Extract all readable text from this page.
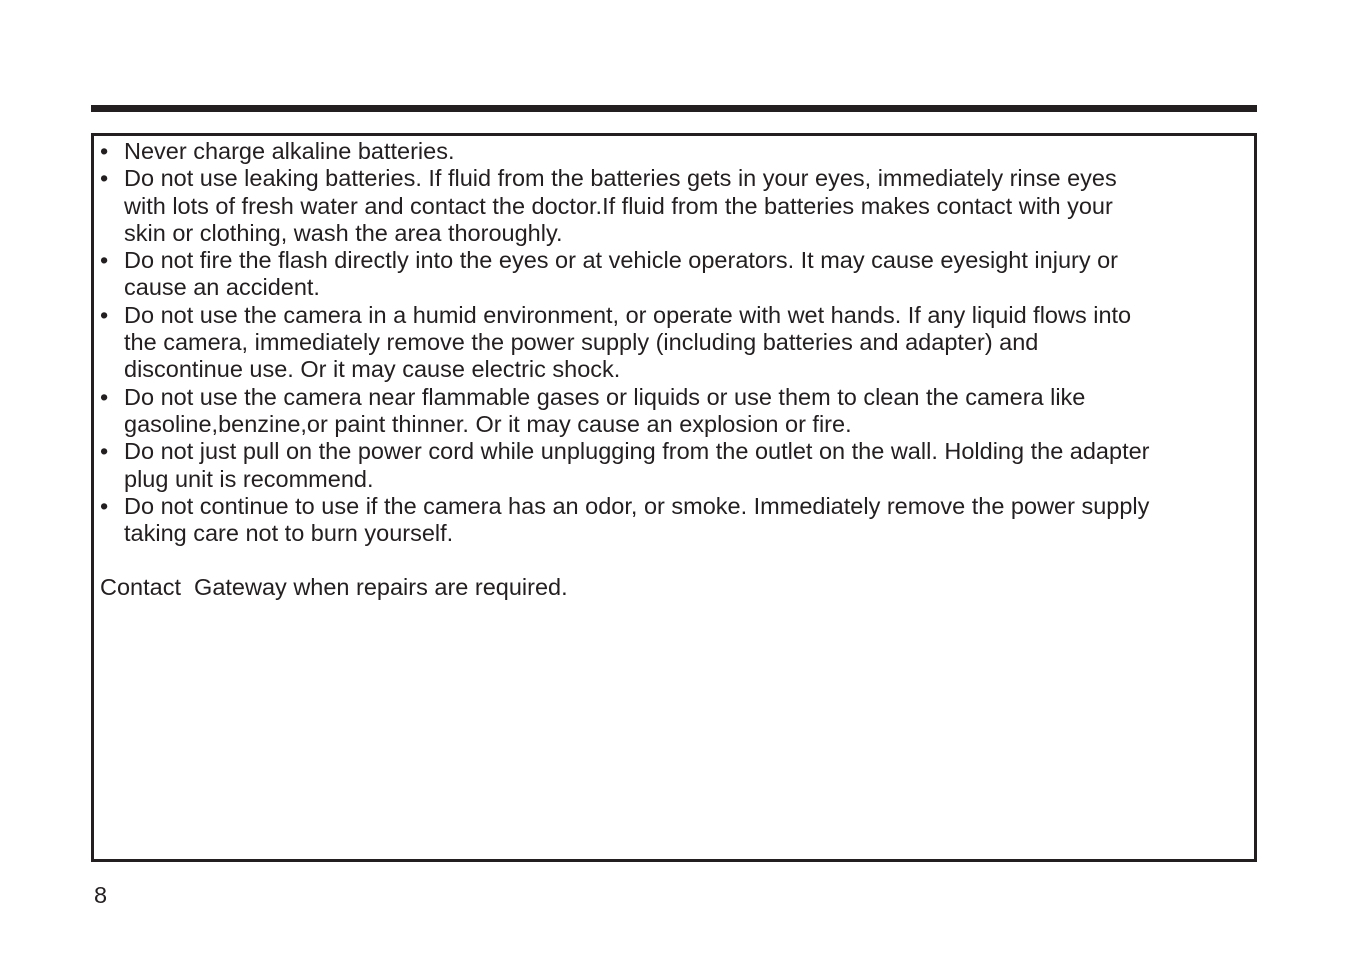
• Never charge alkaline batteries.
• Do not use leaking batteries. If fluid from the batteries gets in your eyes, immediately rinse eyes
with lots of fresh water and contact the doctor.If fluid from the batteries makes contact with your
skin or clothing, wash the area thoroughly.
• Do not fire the flash directly into the eyes or at vehicle operators. It may cause eyesight injury or
cause an accident.
• Do not use the camera in a humid environment, or operate with wet hands. If any liquid flows into
the camera, immediately remove the power supply (including batteries and adapter) and
discontinue use. Or it may cause electric shock.
• Do not use the camera near flammable gases or liquids or use them to clean the camera like
gasoline,benzine,or paint thinner. Or it may cause an explosion or fire.
• Do not just pull on the power cord while unplugging from the outlet on the wall. Holding the adapter
plug unit is recommend.
• Do not continue to use if the camera has an odor, or smoke. Immediately remove the power supply
taking care not to burn yourself.
Contact  Gateway when repairs are required.
8
